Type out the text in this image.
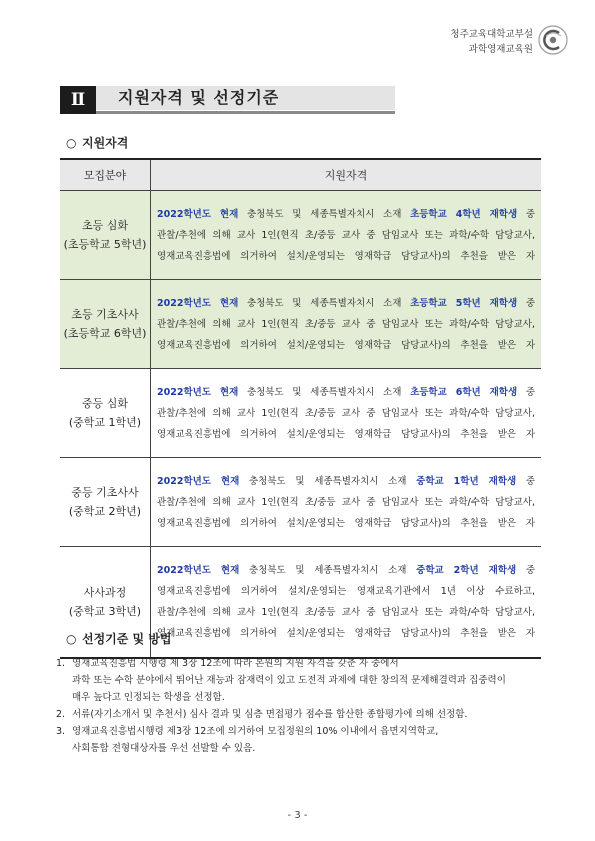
청주교육대학교부설
과학영재교육원
Ⅱ	지원자격 및 선정기준
○ 지원자격
모집분야	지원자격

초등 심화
(초등학교 5학년)	2022학년도 현재 충청북도 및 세종특별자치시 소재 초등학교 4학년 재학생 중
관찰/추천에 의해 교사 1인(현직 초/중등 교사 중 담임교사 또는 과학/수학 담당교사,
영재교육진흥법에 의거하여 설치/운영되는 영재학급 담당교사)의 추천을 받은 자

초등 기초사사
(초등학교 6학년)	2022학년도 현재 충청북도 및 세종특별자치시 소재 초등학교 5학년 재학생 중
관찰/추천에 의해 교사 1인(현직 초/중등 교사 중 담임교사 또는 과학/수학 담당교사,
영재교육진흥법에 의거하여 설치/운영되는 영재학급 담당교사)의 추천을 받은 자

중등 심화
(중학교 1학년)	2022학년도 현재 충청북도 및 세종특별자치시 소재 초등학교 6학년 재학생 중
관찰/추천에 의해 교사 1인(현직 초/중등 교사 중 담임교사 또는 과학/수학 담당교사,
영재교육진흥법에 의거하여 설치/운영되는 영재학급 담당교사)의 추천을 받은 자

중등 기초사사
(중학교 2학년)	2022학년도 현재 충청북도 및 세종특별자치시 소재 중학교 1학년 재학생 중
관찰/추천에 의해 교사 1인(현직 초/중등 교사 중 담임교사 또는 과학/수학 담당교사,
영재교육진흥법에 의거하여 설치/운영되는 영재학급 담당교사)의 추천을 받은 자

사사과정
(중학교 3학년)	2022학년도 현재 충청북도 및 세종특별자치시 소재 중학교 2학년 재학생 중
영재교육진흥법에 의거하여 설치/운영되는 영재교육기관에서 1년 이상 수료하고,
관찰/추천에 의해 교사 1인(현직 초/중등 교사 중 담임교사 또는 과학/수학 담당교사,
영재교육진흥법에 의거하여 설치/운영되는 영재학급 담당교사)의 추천을 받은 자
○ 선정기준 및 방법
1. 영재교육진흥법 시행령 제 3장 12조에 따라 본원의 지원 자격을 갖춘 자 중에서
과학 또는 수학 분야에서 뛰어난 재능과 잠재력이 있고 도전적 과제에 대한 창의적 문제해결력과 집중력이
매우 높다고 인정되는 학생을 선정함.
2. 서류(자기소개서 및 추천서) 심사 결과 및 심층 면접평가 점수를 합산한 종합평가에 의해 선정함.
3. 영재교육진흥법시행령 제3장 12조에 의거하여 모집정원의 10% 이내에서 읍면지역학교,
사회통합 전형대상자를 우선 선발할 수 있음.
- 3 -
